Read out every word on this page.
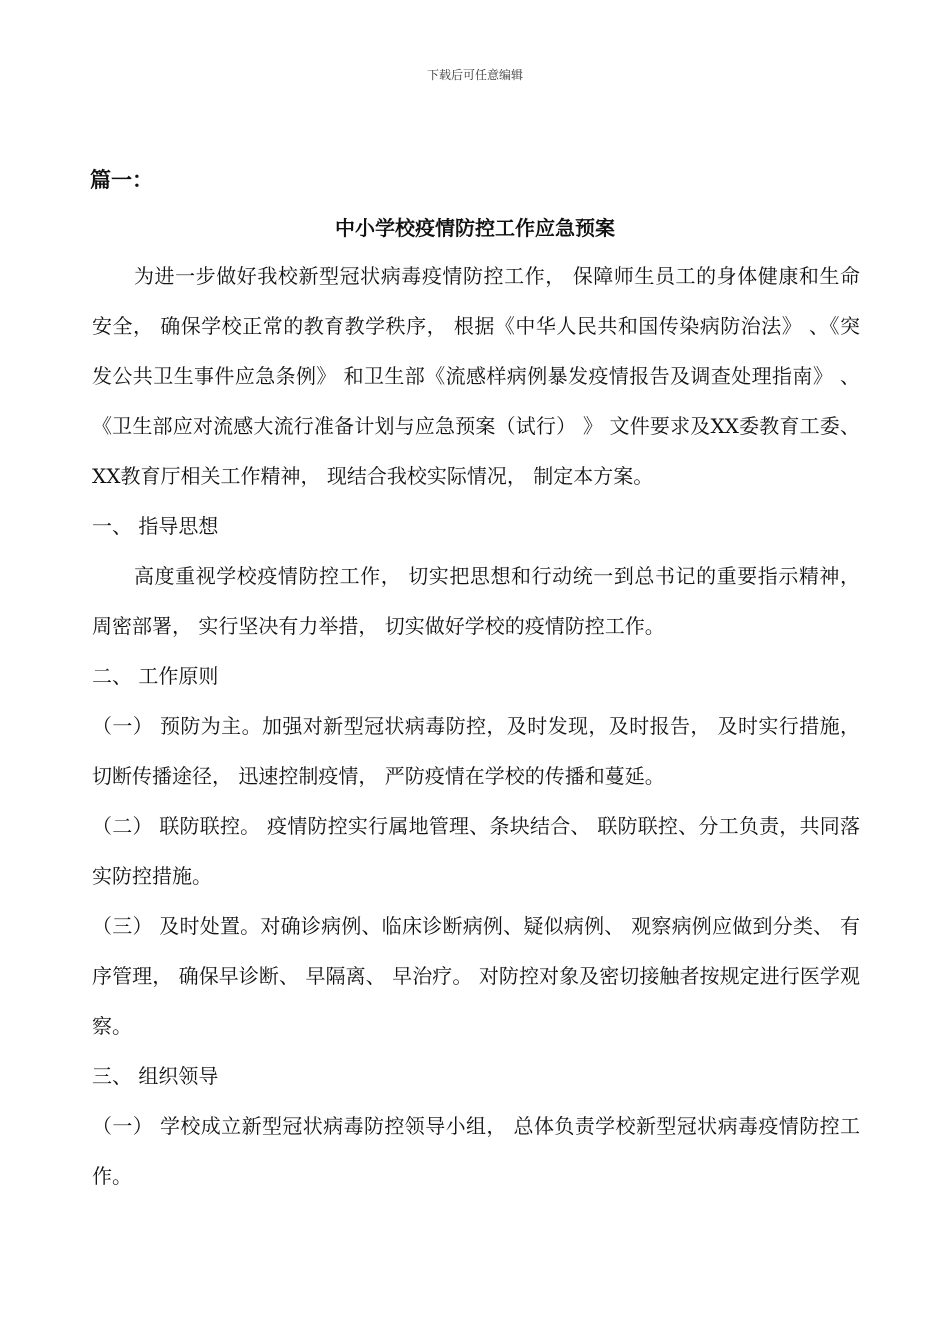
下载后可任意编辑
篇一：
中小学校疫情防控工作应急预案

为进一步做好我校新型冠状病毒疫情防控工作， 保障师生员工的身体健康和生命安全， 确保学校正常的教育教学秩序， 根据《中华人民共和国传染病防治法》 、《突发公共卫生事件应急条例》 和卫生部《流感样病例暴发疫情报告及调查处理指南》 、 《卫生部应对流感大流行准备计划与应急预案（试行） 》 文件要求及XX委教育工委、 XX教育厅相关工作精神， 现结合我校实际情况， 制定本方案。

一、 指导思想

高度重视学校疫情防控工作， 切实把思想和行动统一到总书记的重要指示精神， 周密部署， 实行坚决有力举措， 切实做好学校的疫情防控工作。

二、 工作原则

（一） 预防为主。加强对新型冠状病毒防控，及时发现，及时报告， 及时实行措施，切断传播途径， 迅速控制疫情， 严防疫情在学校的传播和蔓延。

（二） 联防联控。 疫情防控实行属地管理、条块结合、 联防联控、分工负责，共同落实防控措施。

（三） 及时处置。对确诊病例、临床诊断病例、疑似病例、 观察病例应做到分类、 有序管理， 确保早诊断、 早隔离、 早治疗。 对防控对象及密切接触者按规定进行医学观察。

三、 组织领导

（一） 学校成立新型冠状病毒防控领导小组， 总体负责学校新型冠状病毒疫情防控工作。
